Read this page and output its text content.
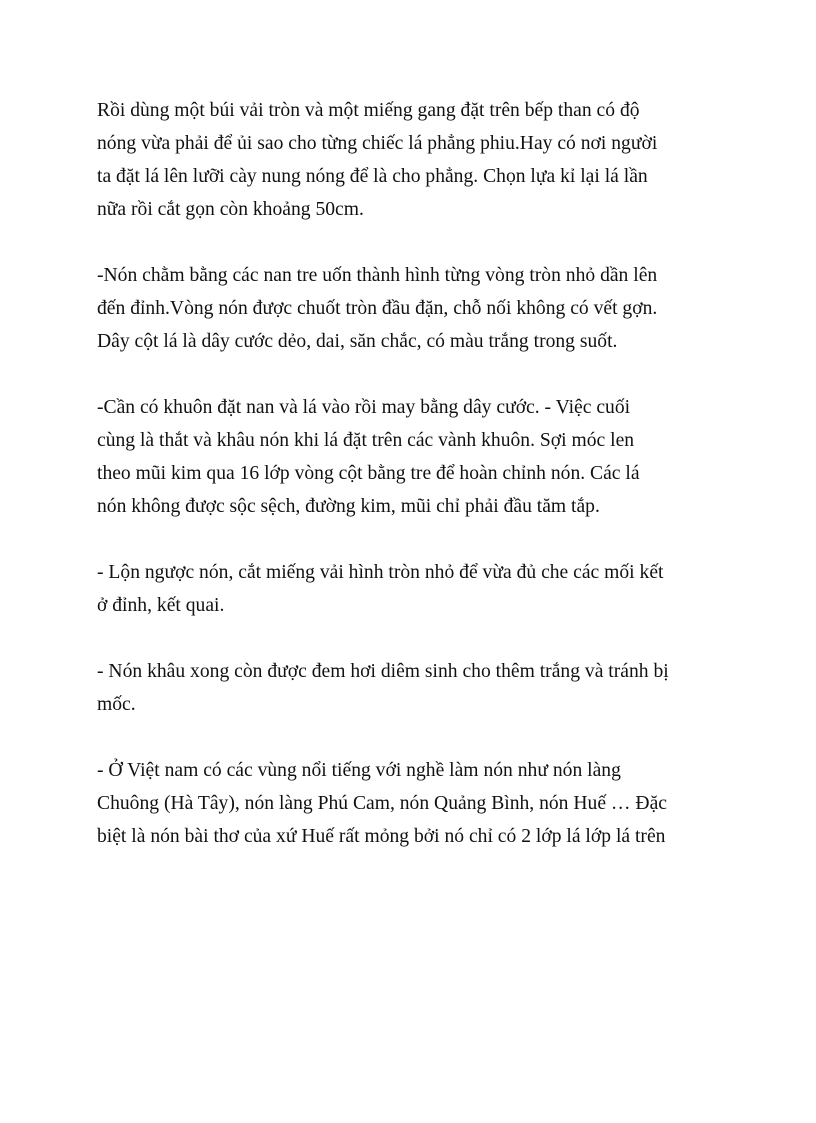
Rồi dùng một búi vải tròn và một miếng gang đặt trên bếp than có độ
nóng vừa phải để ủi sao cho từng chiếc lá phẳng phiu.Hay có nơi người
ta đặt lá lên lưỡi cày nung nóng để là cho phẳng. Chọn lựa kỉ lại lá lần
nữa rồi cắt gọn còn khoảng 50cm.

-Nón chằm bằng các nan tre uốn thành hình từng vòng tròn nhỏ dần lên
đến đỉnh.Vòng nón được chuốt tròn đầu đặn, chỗ nối không có vết gợn.
Dây cột lá là dây cước dẻo, dai, săn chắc, có màu trắng trong suốt.

-Cần có khuôn đặt nan và lá vào rồi may bằng dây cước. - Việc cuối
cùng là thắt và khâu nón khi lá đặt trên các vành khuôn. Sợi móc len
theo mũi kim qua 16 lớp vòng cột bằng tre để hoàn chỉnh nón. Các lá
nón không được sộc sệch, đường kim, mũi chỉ phải đầu tăm tắp.

- Lộn ngược nón, cắt miếng vải hình tròn nhỏ để vừa đủ che các mối kết
ở đỉnh, kết quai.

- Nón khâu xong còn được đem hơi diêm sinh cho thêm trắng và tránh bị
mốc.

- Ở Việt nam có các vùng nổi tiếng với nghề làm nón như nón làng
Chuông (Hà Tây), nón làng Phú Cam, nón Quảng Bình, nón Huế … Đặc
biệt là nón bài thơ của xứ Huế rất mỏng bởi nó chỉ có 2 lớp lá lớp lá trên
